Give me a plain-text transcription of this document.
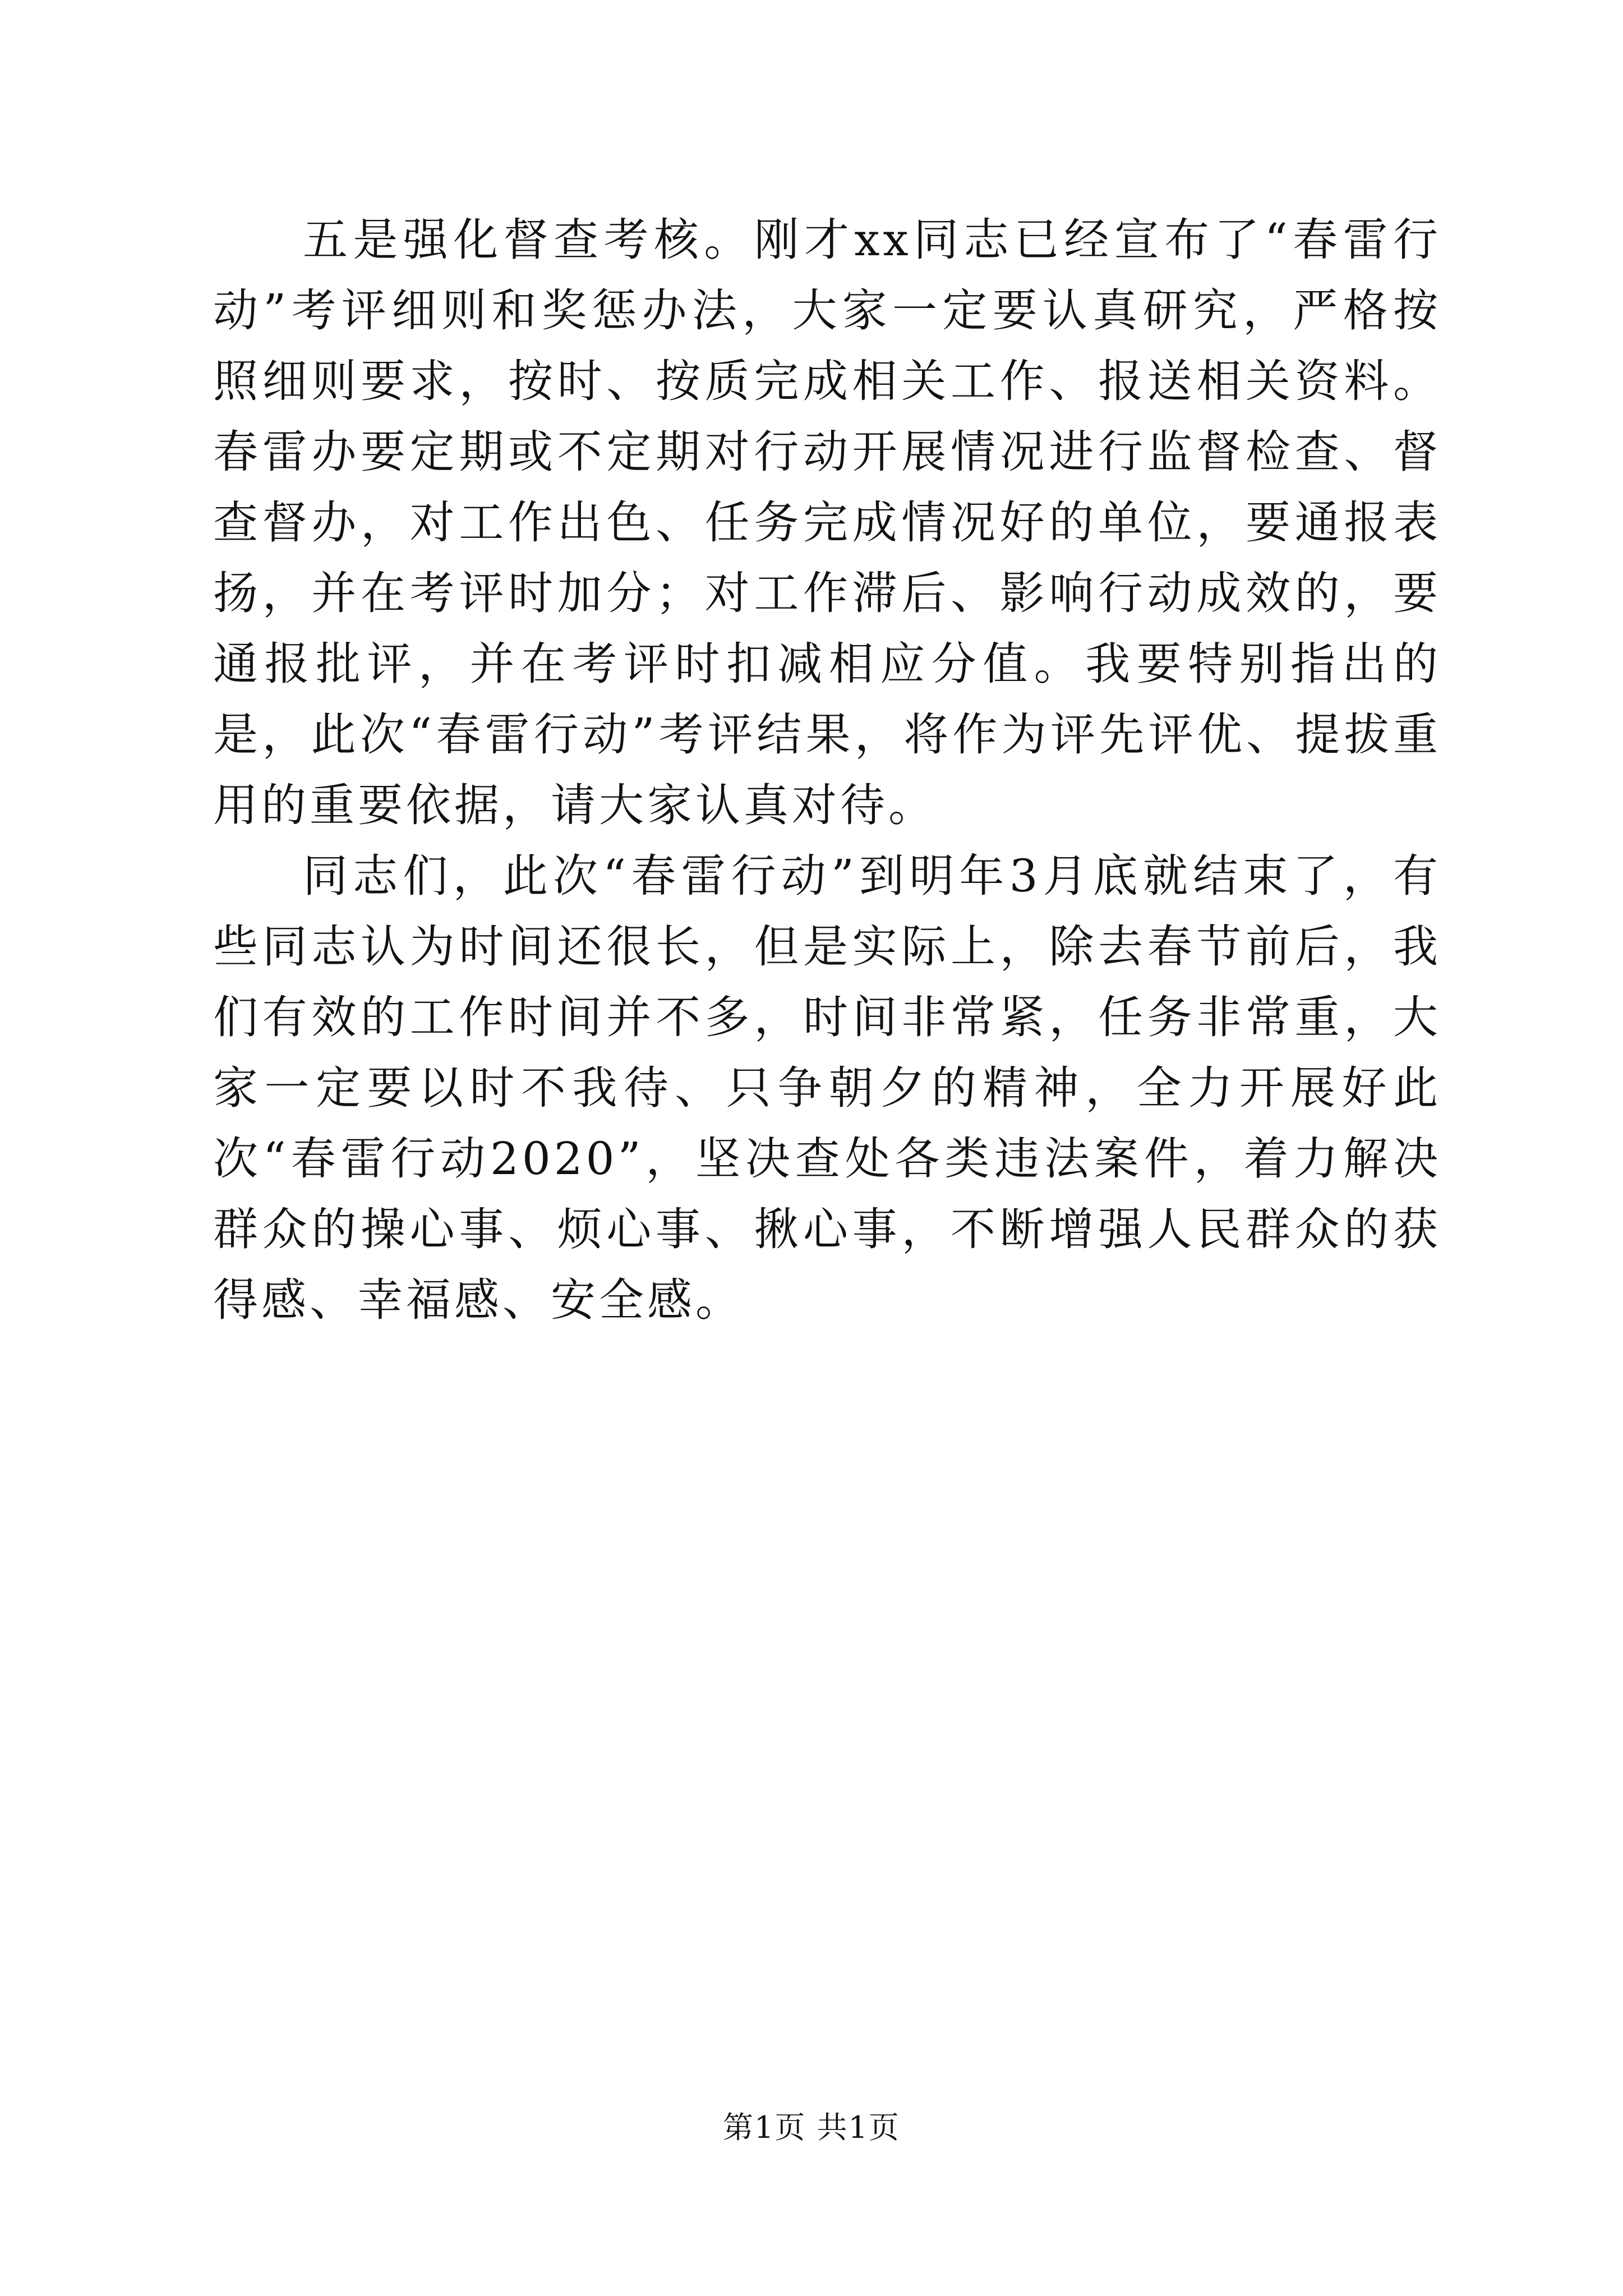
五是强化督查考核。刚才xx同志已经宣布了“春雷行动”考评细则和奖惩办法，大家一定要认真研究，严格按照细则要求，按时、按质完成相关工作、报送相关资料。春雷办要定期或不定期对行动开展情况进行监督检查、督查督办，对工作出色、任务完成情况好的单位，要通报表扬，并在考评时加分；对工作滞后、影响行动成效的，要通报批评，并在考评时扣减相应分值。我要特别指出的是，此次“春雷行动”考评结果，将作为评先评优、提拔重用的重要依据，请大家认真对待。

同志们，此次“春雷行动”到明年3月底就结束了，有些同志认为时间还很长，但是实际上，除去春节前后，我们有效的工作时间并不多，时间非常紧，任务非常重，大家一定要以时不我待、只争朝夕的精神，全力开展好此次“春雷行动2020”，坚决查处各类违法案件，着力解决群众的操心事、烦心事、揪心事，不断增强人民群众的获得感、幸福感、安全感。

第1页 共1页
